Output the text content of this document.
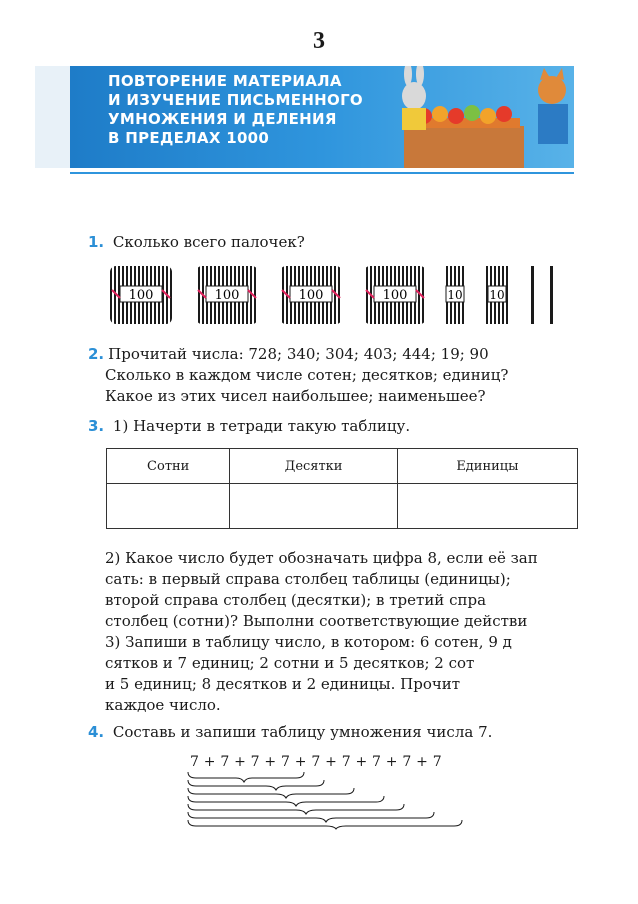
3
ПОВТОРЕНИЕ МАТЕРИАЛА
И ИЗУЧЕНИЕ ПИСЬМЕННОГО
УМНОЖЕНИЯ И ДЕЛЕНИЯ
В ПРЕДЕЛАХ 1000
1. Сколько всего палочек?
100	100	100	100	10 10
2. Прочитай числа: 728; 340; 304; 403; 444; 19; 90
Сколько в каждом числе сотен; десятков; единиц?
Какое из этих чисел наибольшее; наименьшее?
3. 1) Начерти в тетради такую таблицу.
Сотни	Десятки	Единицы

2) Какое число будет обозначать цифра 8, если её зап
сать: в первый справа столбец таблицы (единицы);
второй справа столбец (десятки); в третий спра
столбец (сотни)? Выполни соответствующие действи
3) Запиши в таблицу число, в котором: 6 сотен, 9 д
сятков и 7 единиц; 2 сотни и 5 десятков; 2 сот
и 5 единиц; 8 десятков и 2 единицы. Прочит
каждое число.
4. Составь и запиши таблицу умножения числа 7.
7 + 7 + 7 + 7 + 7 + 7 + 7 + 7 + 7
